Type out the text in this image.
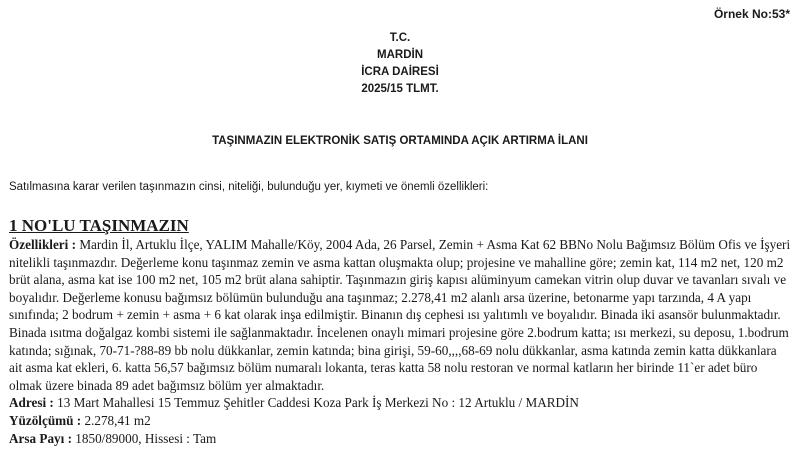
Örnek No:53*
T.C.
MARDİN
İCRA DAİRESİ
2025/15 TLMT.
TAŞINMAZIN ELEKTRONİK SATIŞ ORTAMINDA AÇIK ARTIRMA İLANI
Satılmasına karar verilen taşınmazın cinsi, niteliği, bulunduğu yer, kıymeti ve önemli özellikleri:
1 NO'LU TAŞINMAZIN

Özellikleri : Mardin İl, Artuklu İlçe, YALIM Mahalle/Köy, 2004 Ada, 26 Parsel, Zemin + Asma Kat 62 BBNo Nolu Bağımsız Bölüm Ofis ve İşyeri nitelikli taşınmazdır. Değerleme konu taşınmaz zemin ve asma kattan oluşmakta olup; projesine ve mahalline göre; zemin kat, 114 m2 net, 120 m2 brüt alana, asma kat ise 100 m2 net, 105 m2 brüt alana sahiptir. Taşınmazın giriş kapısı alüminyum camekan vitrin olup duvar ve tavanları sıvalı ve boyalıdır. Değerleme konusu bağımsız bölümün bulunduğu ana taşınmaz; 2.278,41 m2 alanlı arsa üzerine, betonarme yapı tarzında, 4 A yapı sınıfında; 2 bodrum + zemin + asma + 6 kat olarak inşa edilmiştir. Binanın dış cephesi ısı yalıtımlı ve boyalıdır. Binada iki asansör bulunmaktadır. Binada ısıtma doğalgaz kombi sistemi ile sağlanmaktadır. İncelenen onaylı mimari projesine göre 2.bodrum katta; ısı merkezi, su deposu, 1.bodrum katında; sığınak, 70-71-?88-89 bb nolu dükkanlar, zemin katında; bina girişi, 59-60,,,,68-69 nolu dükkanlar, asma katında zemin katta dükkanlara ait asma kat ekleri, 6. katta 56,57 bağımsız bölüm numaralı lokanta, teras katta 58 nolu restoran ve normal katların her birinde 11`er adet büro olmak üzere binada 89 adet bağımsız bölüm yer almaktadır.

Adresi : 13 Mart Mahallesi 15 Temmuz Şehitler Caddesi Koza Park İş Merkezi No : 12 Artuklu / MARDİN

Yüzölçümü : 2.278,41 m2

Arsa Payı : 1850/89000, Hissesi : Tam
